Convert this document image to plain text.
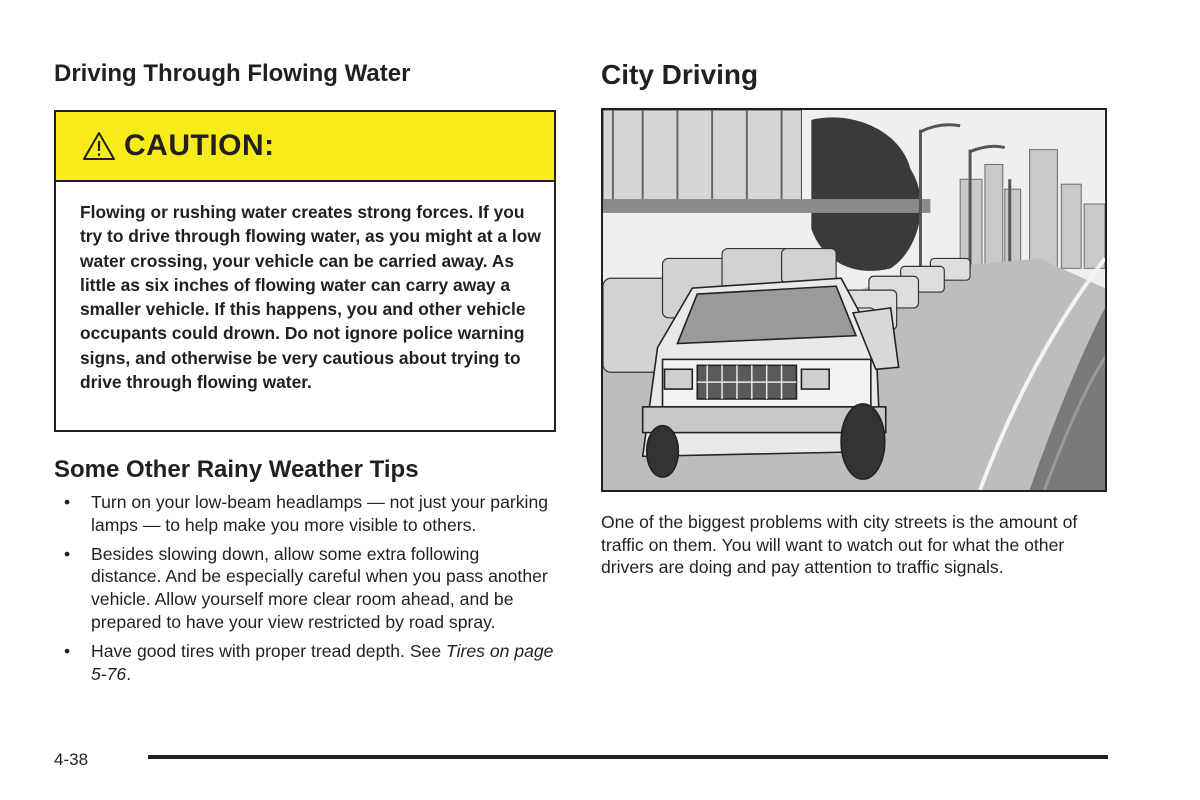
Driving Through Flowing Water
CAUTION:
Flowing or rushing water creates strong forces. If you try to drive through flowing water, as you might at a low water crossing, your vehicle can be carried away. As little as six inches of flowing water can carry away a smaller vehicle. If this happens, you and other vehicle occupants could drown. Do not ignore police warning signs, and otherwise be very cautious about trying to drive through flowing water.
Some Other Rainy Weather Tips
• Turn on your low-beam headlamps — not just your parking lamps — to help make you more visible to others.
• Besides slowing down, allow some extra following distance. And be especially careful when you pass another vehicle. Allow yourself more clear room ahead, and be prepared to have your view restricted by road spray.
• Have good tires with proper tread depth. See Tires on page 5-76.
City Driving
One of the biggest problems with city streets is the amount of traffic on them. You will want to watch out for what the other drivers are doing and pay attention to traffic signals.
4-38
